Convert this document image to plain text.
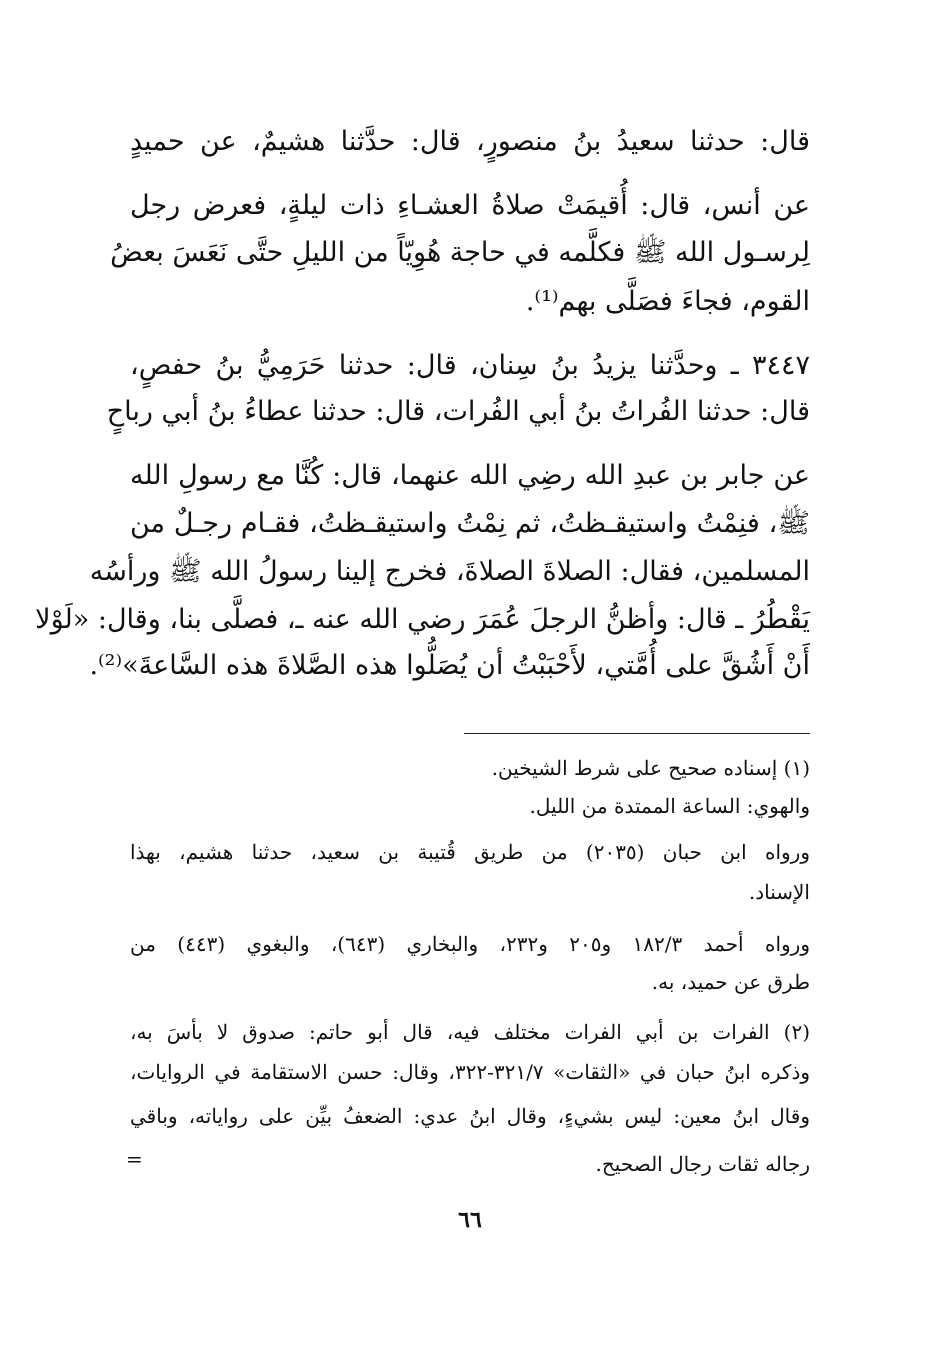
قال: حدثنا سعيدُ بنُ منصورٍ، قال: حدَّثنا هشيمٌ، عن حميدٍ
عن أنس، قال: أُقيمَتْ صلاةُ العشـاءِ ذات ليلةٍ، فعرض رجل
لِرسـول الله ﷺ فكلَّمه في حاجة هُوِيّاً من الليلِ حتَّى نَعَسَ بعضُ
القوم، فجاءَ فصَلَّى بهم⁽¹⁾.
٣٤٤٧ ـ وحدَّثنا يزيدُ بنُ سِنان، قال: حدثنا حَرَمِيُّ بنُ حفصٍ،
قال: حدثنا الفُراتُ بنُ أبي الفُرات، قال: حدثنا عطاءُ بنُ أبي رباحٍ
عن جابر بن عبدِ الله رضِي الله عنهما، قال: كُنَّا مع رسولِ الله
ﷺ، فنِمْتُ واستيقـظتُ، ثم نِمْتُ واستيقـظتُ، فقـام رجـلٌ من
المسلمين، فقال: الصلاةَ الصلاةَ، فخرج إلينا رسولُ الله ﷺ ورأسُه
يَقْطُرُ ـ قال: وأظنُّ الرجلَ عُمَرَ رضي الله عنه ـ، فصلَّى بنا، وقال: «لَوْلا
أَنْ أَشُقَّ على أُمَّتي، لأَحْبَبْتُ أن يُصَلُّوا هذه الصَّلاةَ هذه السَّاعةَ»⁽²⁾.
(١) إسناده صحيح على شرط الشيخين.
والهوي: الساعة الممتدة من الليل.
ورواه ابن حبان (٢٠٣٥) من طريق قُتيبة بن سعيد، حدثنا هشيم، بهذا
الإسناد.
ورواه أحمد ١٨٢/٣ و٢٠٥ و٢٣٢، والبخاري (٦٤٣)، والبغوي (٤٤٣) من
طرق عن حميد، به.
(٢) الفرات بن أبي الفرات مختلف فيه، قال أبو حاتم: صدوق لا بأسَ به،
وذكره ابنُ حبان في «الثقات» ٣٢١/٧-٣٢٢، وقال: حسن الاستقامة في الروايات،
وقال ابنُ معين: ليس بشيءٍ، وقال ابنُ عدي: الضعفُ بيِّن على رواياته، وباقي
رجاله ثقات رجال الصحيح.
=
٦٦
